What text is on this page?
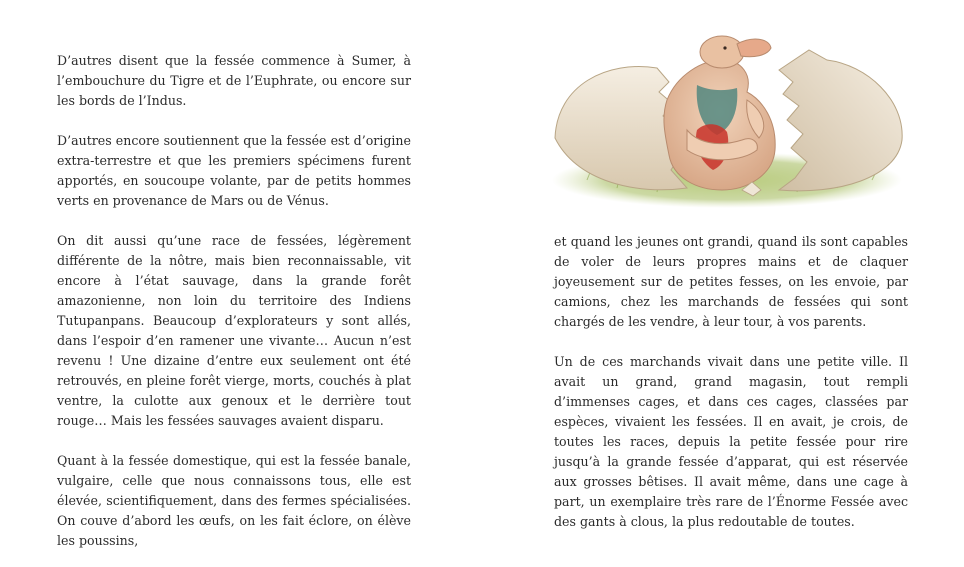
D’autres disent que la fessée commence à Sumer, à l’embouchure du Tigre et de l’Euphrate, ou encore sur les bords de l’Indus.

D’autres encore soutiennent que la fessée est d’origine extra-terrestre et que les premiers spécimens furent apportés, en soucoupe volante, par de petits hommes verts en provenance de Mars ou de Vénus.

On dit aussi qu’une race de fessées, légèrement différente de la nôtre, mais bien reconnaissable, vit encore à l’état sauvage, dans la grande forêt amazonienne, non loin du territoire des Indiens Tutupanpans. Beaucoup d’explorateurs y sont allés, dans l’espoir d’en ramener une vivante… Aucun n’est revenu ! Une dizaine d’entre eux seulement ont été retrouvés, en pleine forêt vierge, morts, couchés à plat ventre, la culotte aux genoux et le derrière tout rouge… Mais les fessées sauvages avaient disparu.

Quant à la fessée domestique, qui est la fessée banale, vulgaire, celle que nous connaissons tous, elle est élevée, scientifiquement, dans des fermes spécialisées. On couve d’abord les œufs, on les fait éclore, on élève les poussins,

et quand les jeunes ont grandi, quand ils sont capables de voler de leurs propres mains et de claquer joyeusement sur de petites fesses, on les envoie, par camions, chez les marchands de fessées qui sont chargés de les vendre, à leur tour, à vos parents.

Un de ces marchands vivait dans une petite ville. Il avait un grand, grand magasin, tout rempli d’immenses cages, et dans ces cages, classées par espèces, vivaient les fessées. Il en avait, je crois, de toutes les races, depuis la petite fessée pour rire jusqu’à la grande fessée d’apparat, qui est réservée aux grosses bêtises. Il avait même, dans une cage à part, un exemplaire très rare de l’Énorme Fessée avec des gants à clous, la plus redoutable de toutes.
